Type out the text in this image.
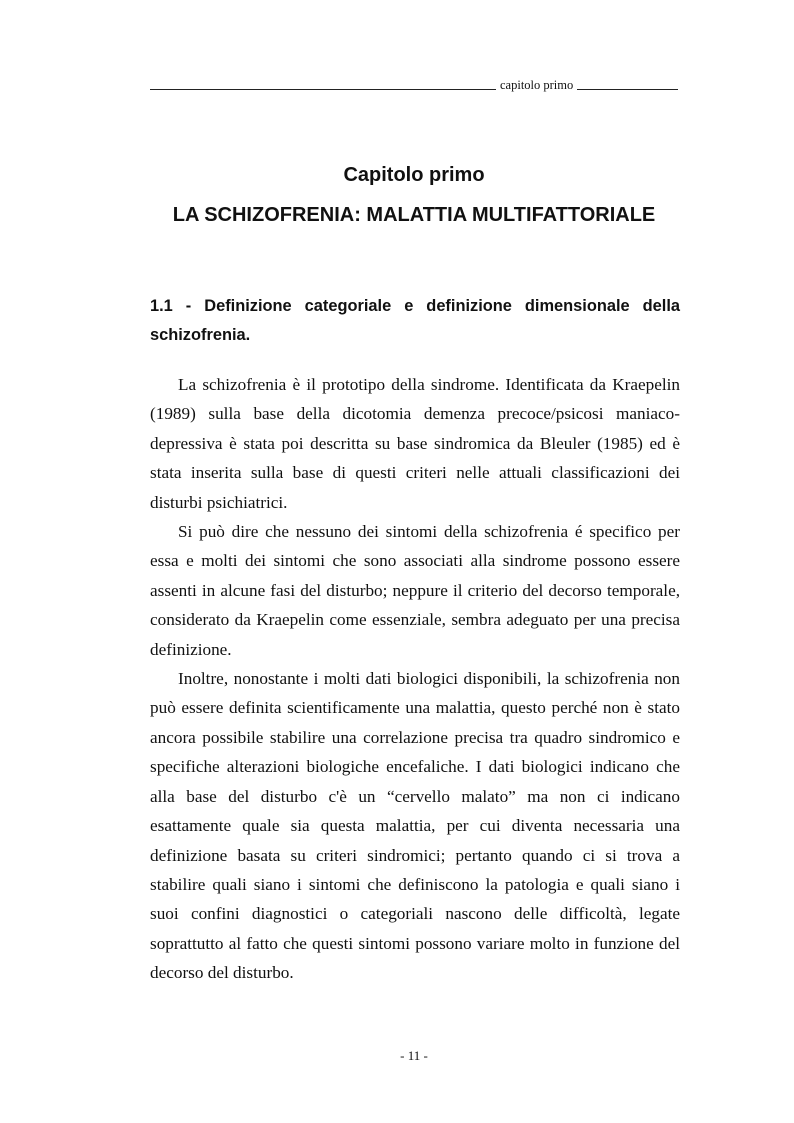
capitolo primo
Capitolo primo
LA SCHIZOFRENIA: MALATTIA MULTIFATTORIALE
1.1 - Definizione categoriale e definizione dimensionale della schizofrenia.

La schizofrenia è il prototipo della sindrome. Identificata da Kraepelin (1989) sulla base della dicotomia demenza precoce/psicosi maniaco-depressiva è stata poi descritta su base sindromica da Bleuler (1985) ed è stata inserita sulla base di questi criteri nelle attuali classificazioni dei disturbi psichiatrici.

Si può dire che nessuno dei sintomi della schizofrenia é specifico per essa e molti dei sintomi che sono associati alla sindrome possono essere assenti in alcune fasi del disturbo; neppure il criterio del decorso temporale, considerato da Kraepelin come essenziale, sembra adeguato per una precisa definizione.

Inoltre, nonostante i molti dati biologici disponibili, la schizofrenia non può essere definita scientificamente una malattia, questo perché non è stato ancora possibile stabilire una correlazione precisa tra quadro sindromico e specifiche alterazioni biologiche encefaliche. I dati biologici indicano che alla base del disturbo c'è un “cervello malato” ma non ci indicano esattamente quale sia questa malattia, per cui diventa necessaria una definizione basata su criteri sindromici; pertanto quando ci si trova a stabilire quali siano i sintomi che definiscono la patologia e quali siano i suoi confini diagnostici o categoriali nascono delle difficoltà, legate soprattutto al fatto che questi sintomi possono variare molto in funzione del decorso del disturbo.

- 11 -
